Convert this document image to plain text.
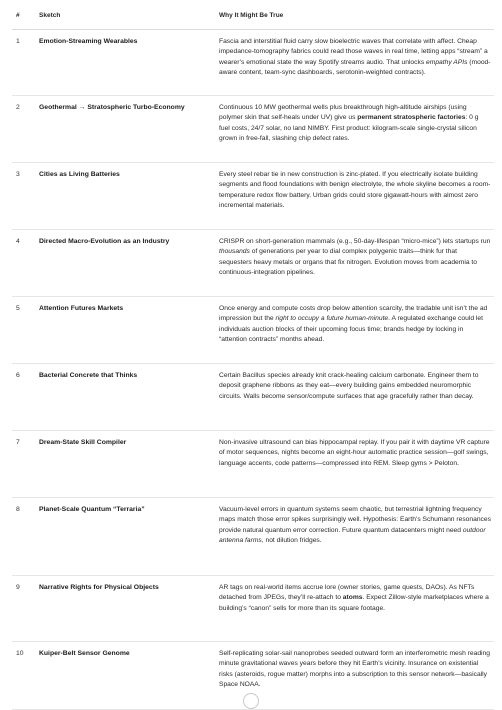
#	Sketch	Why It Might Be True
1	Emotion-Streaming Wearables	Fascia and interstitial fluid carry slow bioelectric waves that correlate with affect. Cheap impedance-tomography fabrics could read those waves in real time, letting apps “stream” a wearer’s emotional state the way Spotify streams audio. That unlocks empathy APIs (mood-aware content, team-sync dashboards, serotonin-weighted contracts).
2	Geothermal → Stratospheric Turbo-Economy	Continuous 10 MW geothermal wells plus breakthrough high-altitude airships (using polymer skin that self-heals under UV) give us permanent stratospheric factories: 0 g fuel costs, 24/7 solar, no land NIMBY. First product: kilogram-scale single-crystal silicon grown in free-fall, slashing chip defect rates.
3	Cities as Living Batteries	Every steel rebar tie in new construction is zinc-plated. If you electrically isolate building segments and flood foundations with benign electrolyte, the whole skyline becomes a room-temperature redox flow battery. Urban grids could store gigawatt-hours with almost zero incremental materials.
4	Directed Macro-Evolution as an Industry	CRISPR on short-generation mammals (e.g., 50-day-lifespan “micro-mice”) lets startups run thousands of generations per year to dial complex polygenic traits—think fur that sequesters heavy metals or organs that fix nitrogen. Evolution moves from academia to continuous-integration pipelines.
5	Attention Futures Markets	Once energy and compute costs drop below attention scarcity, the tradable unit isn’t the ad impression but the right to occupy a future human-minute. A regulated exchange could let individuals auction blocks of their upcoming focus time; brands hedge by locking in “attention contracts” months ahead.
6	Bacterial Concrete that Thinks	Certain Bacillus species already knit crack-healing calcium carbonate. Engineer them to deposit graphene ribbons as they eat—every building gains embedded neuromorphic circuits. Walls become sensor/compute surfaces that age gracefully rather than decay.
7	Dream-State Skill Compiler	Non-invasive ultrasound can bias hippocampal replay. If you pair it with daytime VR capture of motor sequences, nights become an eight-hour automatic practice session—golf swings, language accents, code patterns—compressed into REM. Sleep gyms > Peloton.
8	Planet-Scale Quantum “Terraria”	Vacuum-level errors in quantum systems seem chaotic, but terrestrial lightning frequency maps match those error spikes surprisingly well. Hypothesis: Earth’s Schumann resonances provide natural quantum error correction. Future quantum datacenters might need outdoor antenna farms, not dilution fridges.
9	Narrative Rights for Physical Objects	AR tags on real-world items accrue lore (owner stories, game quests, DAOs). As NFTs detached from JPEGs, they’ll re-attach to atoms. Expect Zillow-style marketplaces where a building’s “canon” sells for more than its square footage.
10 Kuiper-Belt Sensor Genome	Self-replicating solar-sail nanoprobes seeded outward form an interferometric mesh reading minute gravitational waves years before they hit Earth’s vicinity. Insurance on existential risks (asteroids, rogue matter) morphs into a subscription to this sensor network—basically Space NOAA.
